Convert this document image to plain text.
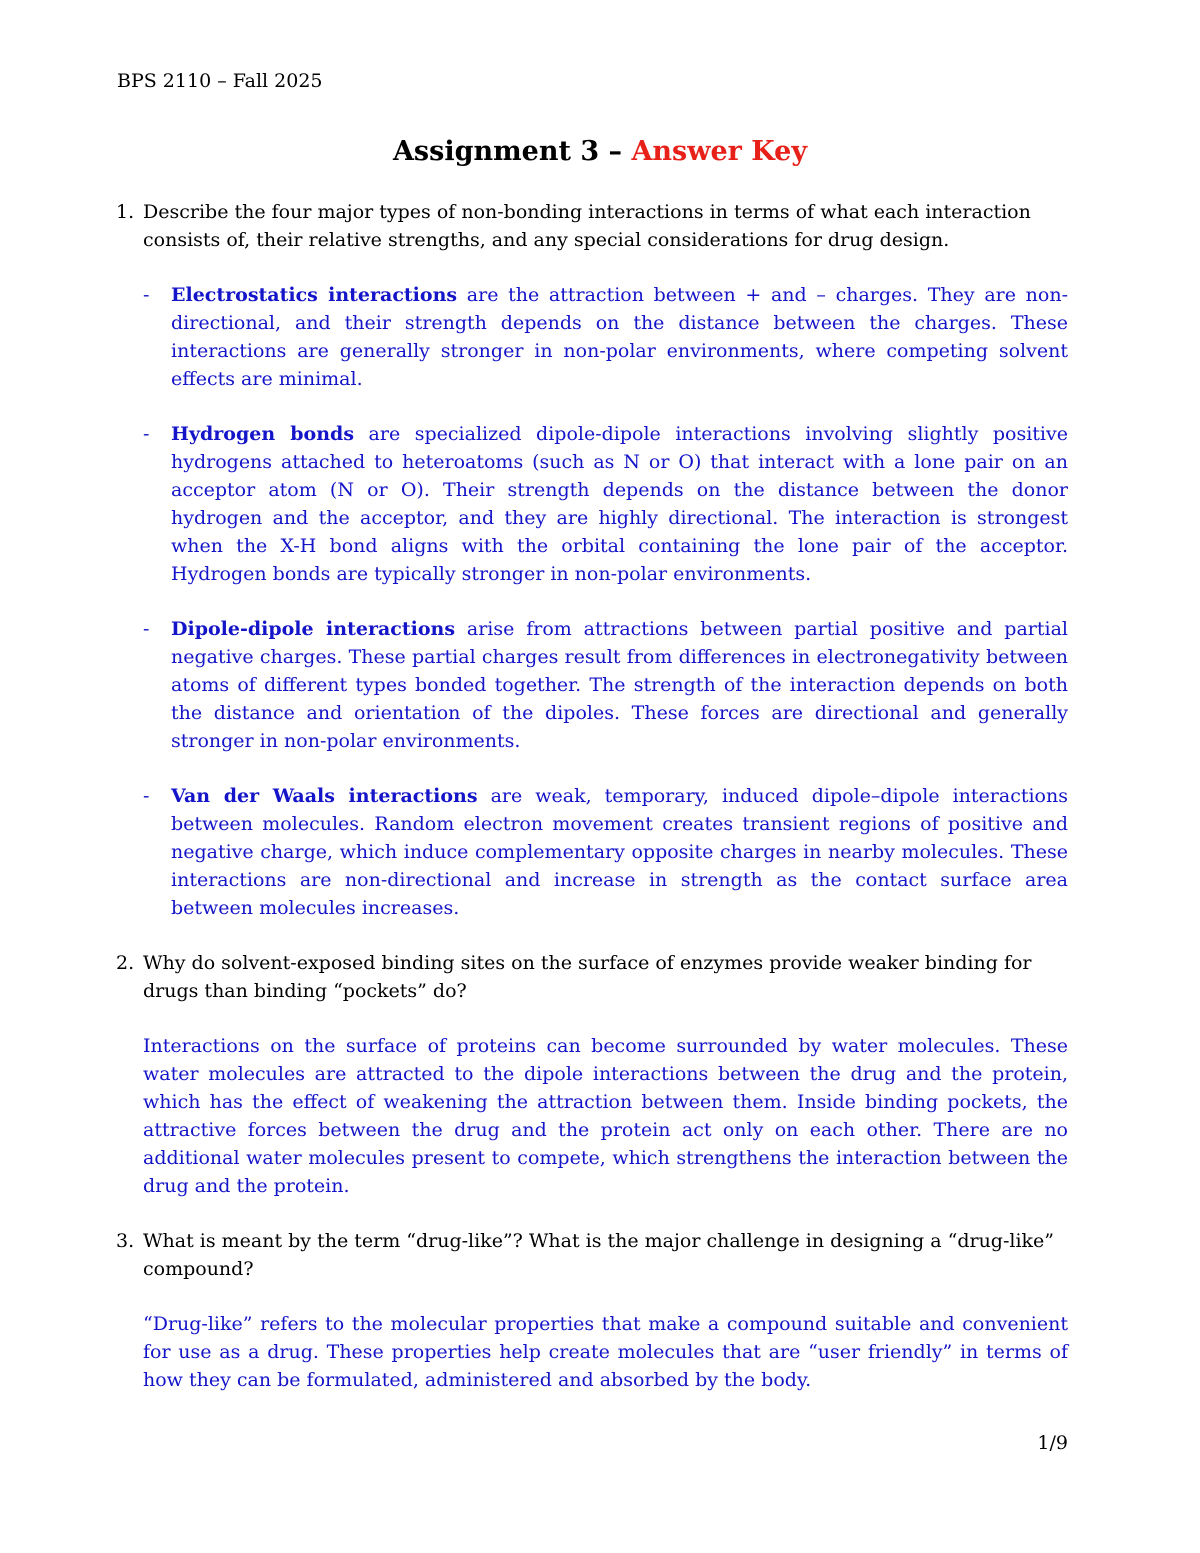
BPS 2110 – Fall 2025
Assignment 3 – Answer Key
1. Describe the four major types of non-bonding interactions in terms of what each interaction consists of, their relative strengths, and any special considerations for drug design.
- Electrostatics interactions are the attraction between + and – charges. They are non-directional, and their strength depends on the distance between the charges. These interactions are generally stronger in non-polar environments, where competing solvent effects are minimal.
- Hydrogen bonds are specialized dipole-dipole interactions involving slightly positive hydrogens attached to heteroatoms (such as N or O) that interact with a lone pair on an acceptor atom (N or O). Their strength depends on the distance between the donor hydrogen and the acceptor, and they are highly directional. The interaction is strongest when the X-H bond aligns with the orbital containing the lone pair of the acceptor. Hydrogen bonds are typically stronger in non-polar environments.
- Dipole-dipole interactions arise from attractions between partial positive and partial negative charges. These partial charges result from differences in electronegativity between atoms of different types bonded together. The strength of the interaction depends on both the distance and orientation of the dipoles. These forces are directional and generally stronger in non-polar environments.
- Van der Waals interactions are weak, temporary, induced dipole–dipole interactions between molecules. Random electron movement creates transient regions of positive and negative charge, which induce complementary opposite charges in nearby molecules. These interactions are non-directional and increase in strength as the contact surface area between molecules increases.
2. Why do solvent-exposed binding sites on the surface of enzymes provide weaker binding for drugs than binding “pockets” do?
Interactions on the surface of proteins can become surrounded by water molecules. These water molecules are attracted to the dipole interactions between the drug and the protein, which has the effect of weakening the attraction between them. Inside binding pockets, the attractive forces between the drug and the protein act only on each other. There are no additional water molecules present to compete, which strengthens the interaction between the drug and the protein.
3. What is meant by the term “drug-like”? What is the major challenge in designing a “drug-like” compound?
“Drug-like” refers to the molecular properties that make a compound suitable and convenient for use as a drug. These properties help create molecules that are “user friendly” in terms of how they can be formulated, administered and absorbed by the body.
1/9
